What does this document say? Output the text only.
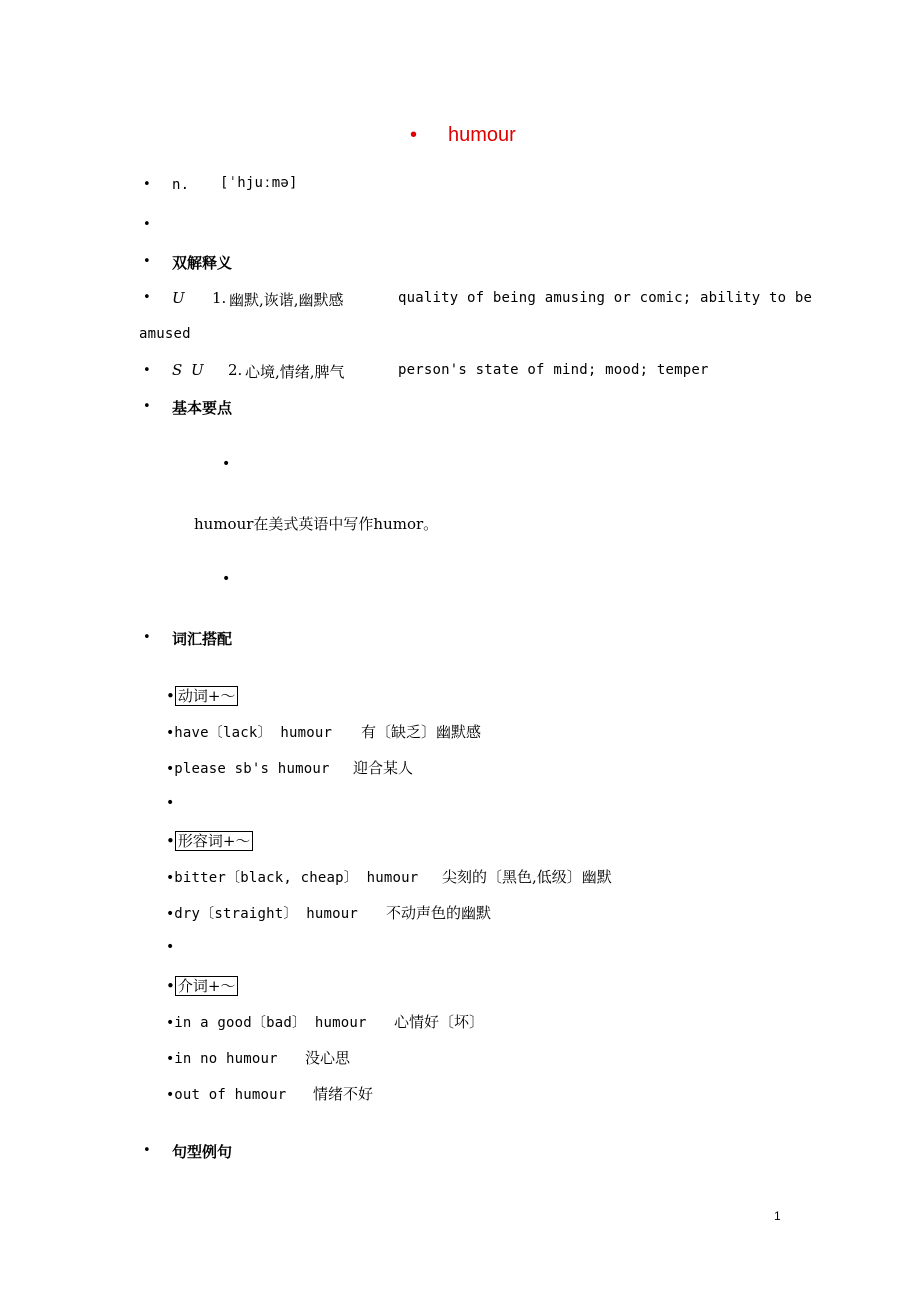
• humour
• n. [ˈhjuːmə]
•
• 双解释义
• U 1. 幽默,诙谐,幽默感	quality of being amusing or comic; ability to be
amused
• S U 2. 心境,情绪,脾气	person's state of mind; mood; temper
• 基本要点
•
humour在美式英语中写作humor。
•
• 词汇搭配
• 动词+～
•have〔lack〕 humour 有〔缺乏〕幽默感
•please sb's humour 迎合某人
•
• 形容词+～
•bitter〔black, cheap〕 humour 尖刻的〔黑色,低级〕幽默
•dry〔straight〕 humour 不动声色的幽默
•
• 介词+～
•in a good〔bad〕 humour 心情好〔坏〕
•in no humour 没心思
•out of humour 情绪不好
• 句型例句
1
